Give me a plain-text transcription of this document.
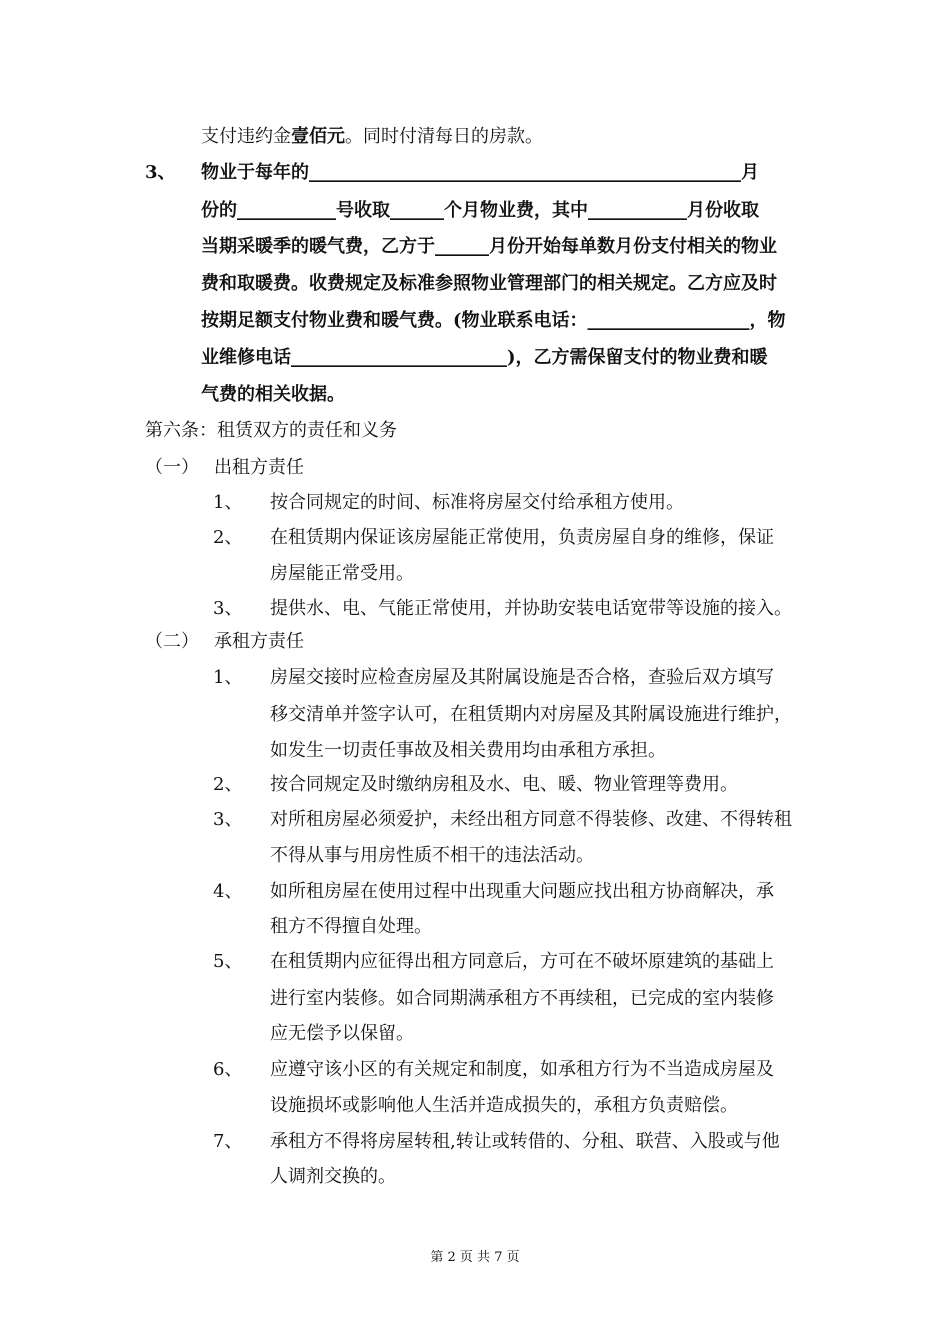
支付违约金壹佰元。同时付清每日的房款。
3、 物业于每年的________________________________________________月
份的___________号收取______个月物业费，其中___________月份收取
当期采暖季的暖气费，乙方于______月份开始每单数月份支付相关的物业
费和取暖费。收费规定及标准参照物业管理部门的相关规定。乙方应及时
按期足额支付物业费和暖气费。(物业联系电话：__________________，物
业维修电话________________________)，乙方需保留支付的物业费和暖
气费的相关收据。
第六条：租赁双方的责任和义务
（一） 出租方责任
1、 按合同规定的时间、标准将房屋交付给承租方使用。
2、 在租赁期内保证该房屋能正常使用，负责房屋自身的维修，保证
房屋能正常受用。
3、 提供水、电、气能正常使用，并协助安装电话宽带等设施的接入。
（二） 承租方责任
1、 房屋交接时应检查房屋及其附属设施是否合格，查验后双方填写
移交清单并签字认可，在租赁期内对房屋及其附属设施进行维护，
如发生一切责任事故及相关费用均由承租方承担。
2、 按合同规定及时缴纳房租及水、电、暖、物业管理等费用。
3、 对所租房屋必须爱护，未经出租方同意不得装修、改建、不得转租
不得从事与用房性质不相干的违法活动。
4、 如所租房屋在使用过程中出现重大问题应找出租方协商解决，承
租方不得擅自处理。
5、 在租赁期内应征得出租方同意后，方可在不破坏原建筑的基础上
进行室内装修。如合同期满承租方不再续租，已完成的室内装修
应无偿予以保留。
6、 应遵守该小区的有关规定和制度，如承租方行为不当造成房屋及
设施损坏或影响他人生活并造成损失的，承租方负责赔偿。
7、 承租方不得将房屋转租,转让或转借的、分租、联营、入股或与他
人调剂交换的。
第 2 页 共 7 页
